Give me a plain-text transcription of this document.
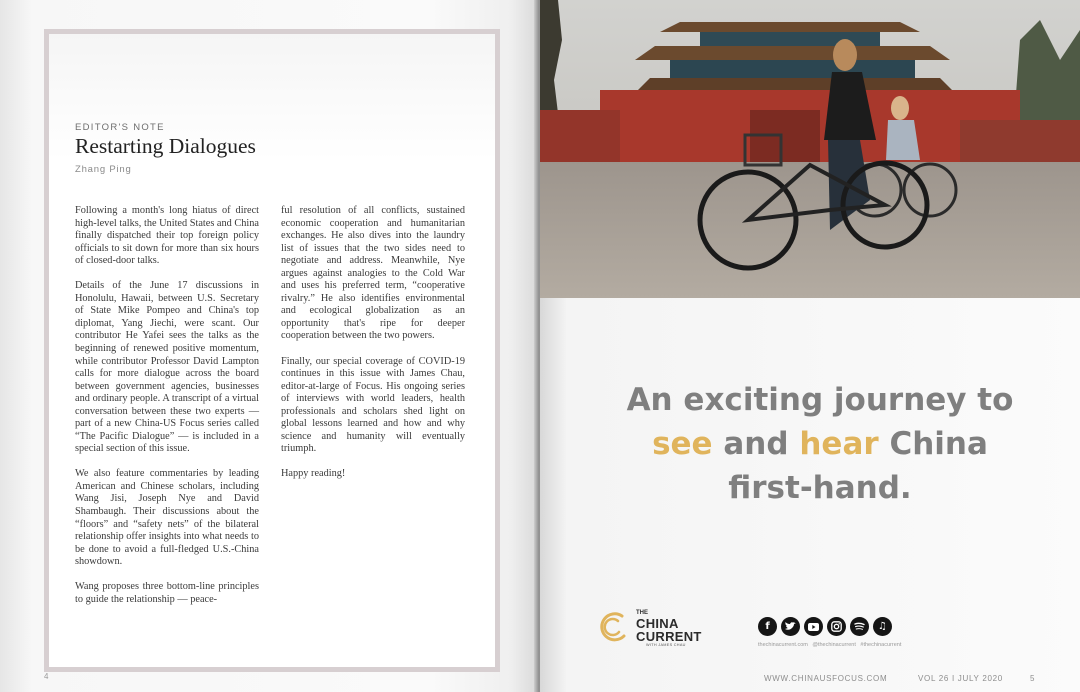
EDITOR'S NOTE
Restarting Dialogues
Zhang Ping

Following a month's long hiatus of direct high-level talks, the United States and China finally dispatched their top foreign policy officials to sit down for more than six hours of closed-door talks.

Details of the June 17 discussions in Honolulu, Hawaii, between U.S. Secretary of State Mike Pompeo and China's top diplomat, Yang Jiechi, were scant. Our contributor He Yafei sees the talks as the beginning of renewed positive momentum, while contributor Professor David Lampton calls for more dialogue across the board between government agencies, businesses and ordinary people. A transcript of a virtual conversation between these two experts — part of a new China-US Focus series called “The Pacific Dialogue” — is included in a special section of this issue.

We also feature commentaries by leading American and Chinese scholars, including Wang Jisi, Joseph Nye and David Shambaugh. Their discussions about the “floors” and “safety nets” of the bilateral relationship offer insights into what needs to be done to avoid a full-fledged U.S.-China showdown.

Wang proposes three bottom-line principles to guide the relationship — peace-

ful resolution of all conflicts, sustained economic cooperation and humanitarian exchanges. He also dives into the laundry list of issues that the two sides need to negotiate and address. Meanwhile, Nye argues against analogies to the Cold War and uses his preferred term, “cooperative rivalry.” He also identifies environmental and ecological globalization as an opportunity that's ripe for deeper cooperation between the two powers.

Finally, our special coverage of COVID-19 continues in this issue with James Chau, editor-at-large of Focus. His ongoing series of interviews with world leaders, health professionals and scholars shed light on global lessons learned and how and why science and humanity will eventually triumph.

Happy reading!

4

An exciting journey to
see and hear China
first-hand.

THE
CHINA
CURRENT
WITH JAMES CHAU
f	♫
thechinacurrent.com @thechinacurrent #thechinacurrent
WWW.CHINAUSFOCUS.COM	VOL 26 I JULY 2020	5
